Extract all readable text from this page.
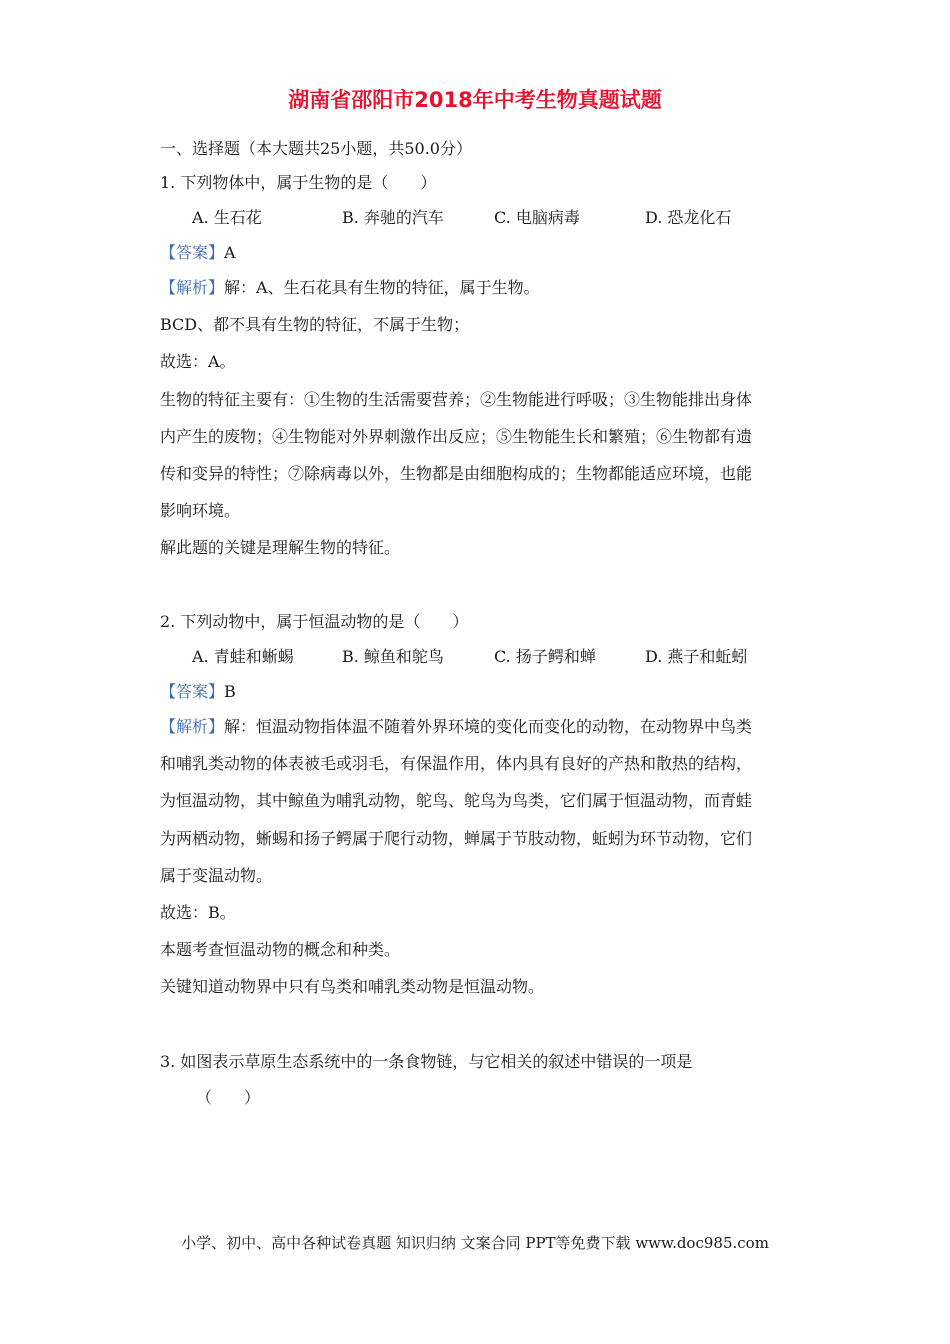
湖南省邵阳市2018年中考生物真题试题
一、选择题（本大题共25小题，共50.0分）
1. 下列物体中，属于生物的是（　　）
A. 生石花	B. 奔驰的汽车	C. 电脑病毒	D. 恐龙化石
【答案】A
【解析】解：A、生石花具有生物的特征，属于生物。
BCD、都不具有生物的特征，不属于生物；
故选：A。
生物的特征主要有：①生物的生活需要营养；②生物能进行呼吸；③生物能排出身体
内产生的废物；④生物能对外界刺激作出反应；⑤生物能生长和繁殖；⑥生物都有遗
传和变异的特性；⑦除病毒以外，生物都是由细胞构成的；生物都能适应环境，也能
影响环境。
解此题的关键是理解生物的特征。
2. 下列动物中，属于恒温动物的是（　　）
A. 青蛙和蜥蜴	B. 鲸鱼和鸵鸟	C. 扬子鳄和蝉	D. 燕子和蚯蚓
【答案】B
【解析】解：恒温动物指体温不随着外界环境的变化而变化的动物，在动物界中鸟类
和哺乳类动物的体表被毛或羽毛，有保温作用，体内具有良好的产热和散热的结构，
为恒温动物，其中鲸鱼为哺乳动物，鸵鸟、鸵鸟为鸟类，它们属于恒温动物，而青蛙
为两栖动物，蜥蜴和扬子鳄属于爬行动物，蝉属于节肢动物，蚯蚓为环节动物，它们
属于变温动物。
故选：B。
本题考查恒温动物的概念和种类。
关键知道动物界中只有鸟类和哺乳类动物是恒温动物。
3. 如图表示草原生态系统中的一条食物链，与它相关的叙述中错误的一项是
（　　）
小学、初中、高中各种试卷真题 知识归纳 文案合同 PPT等免费下载 www.doc985.com
